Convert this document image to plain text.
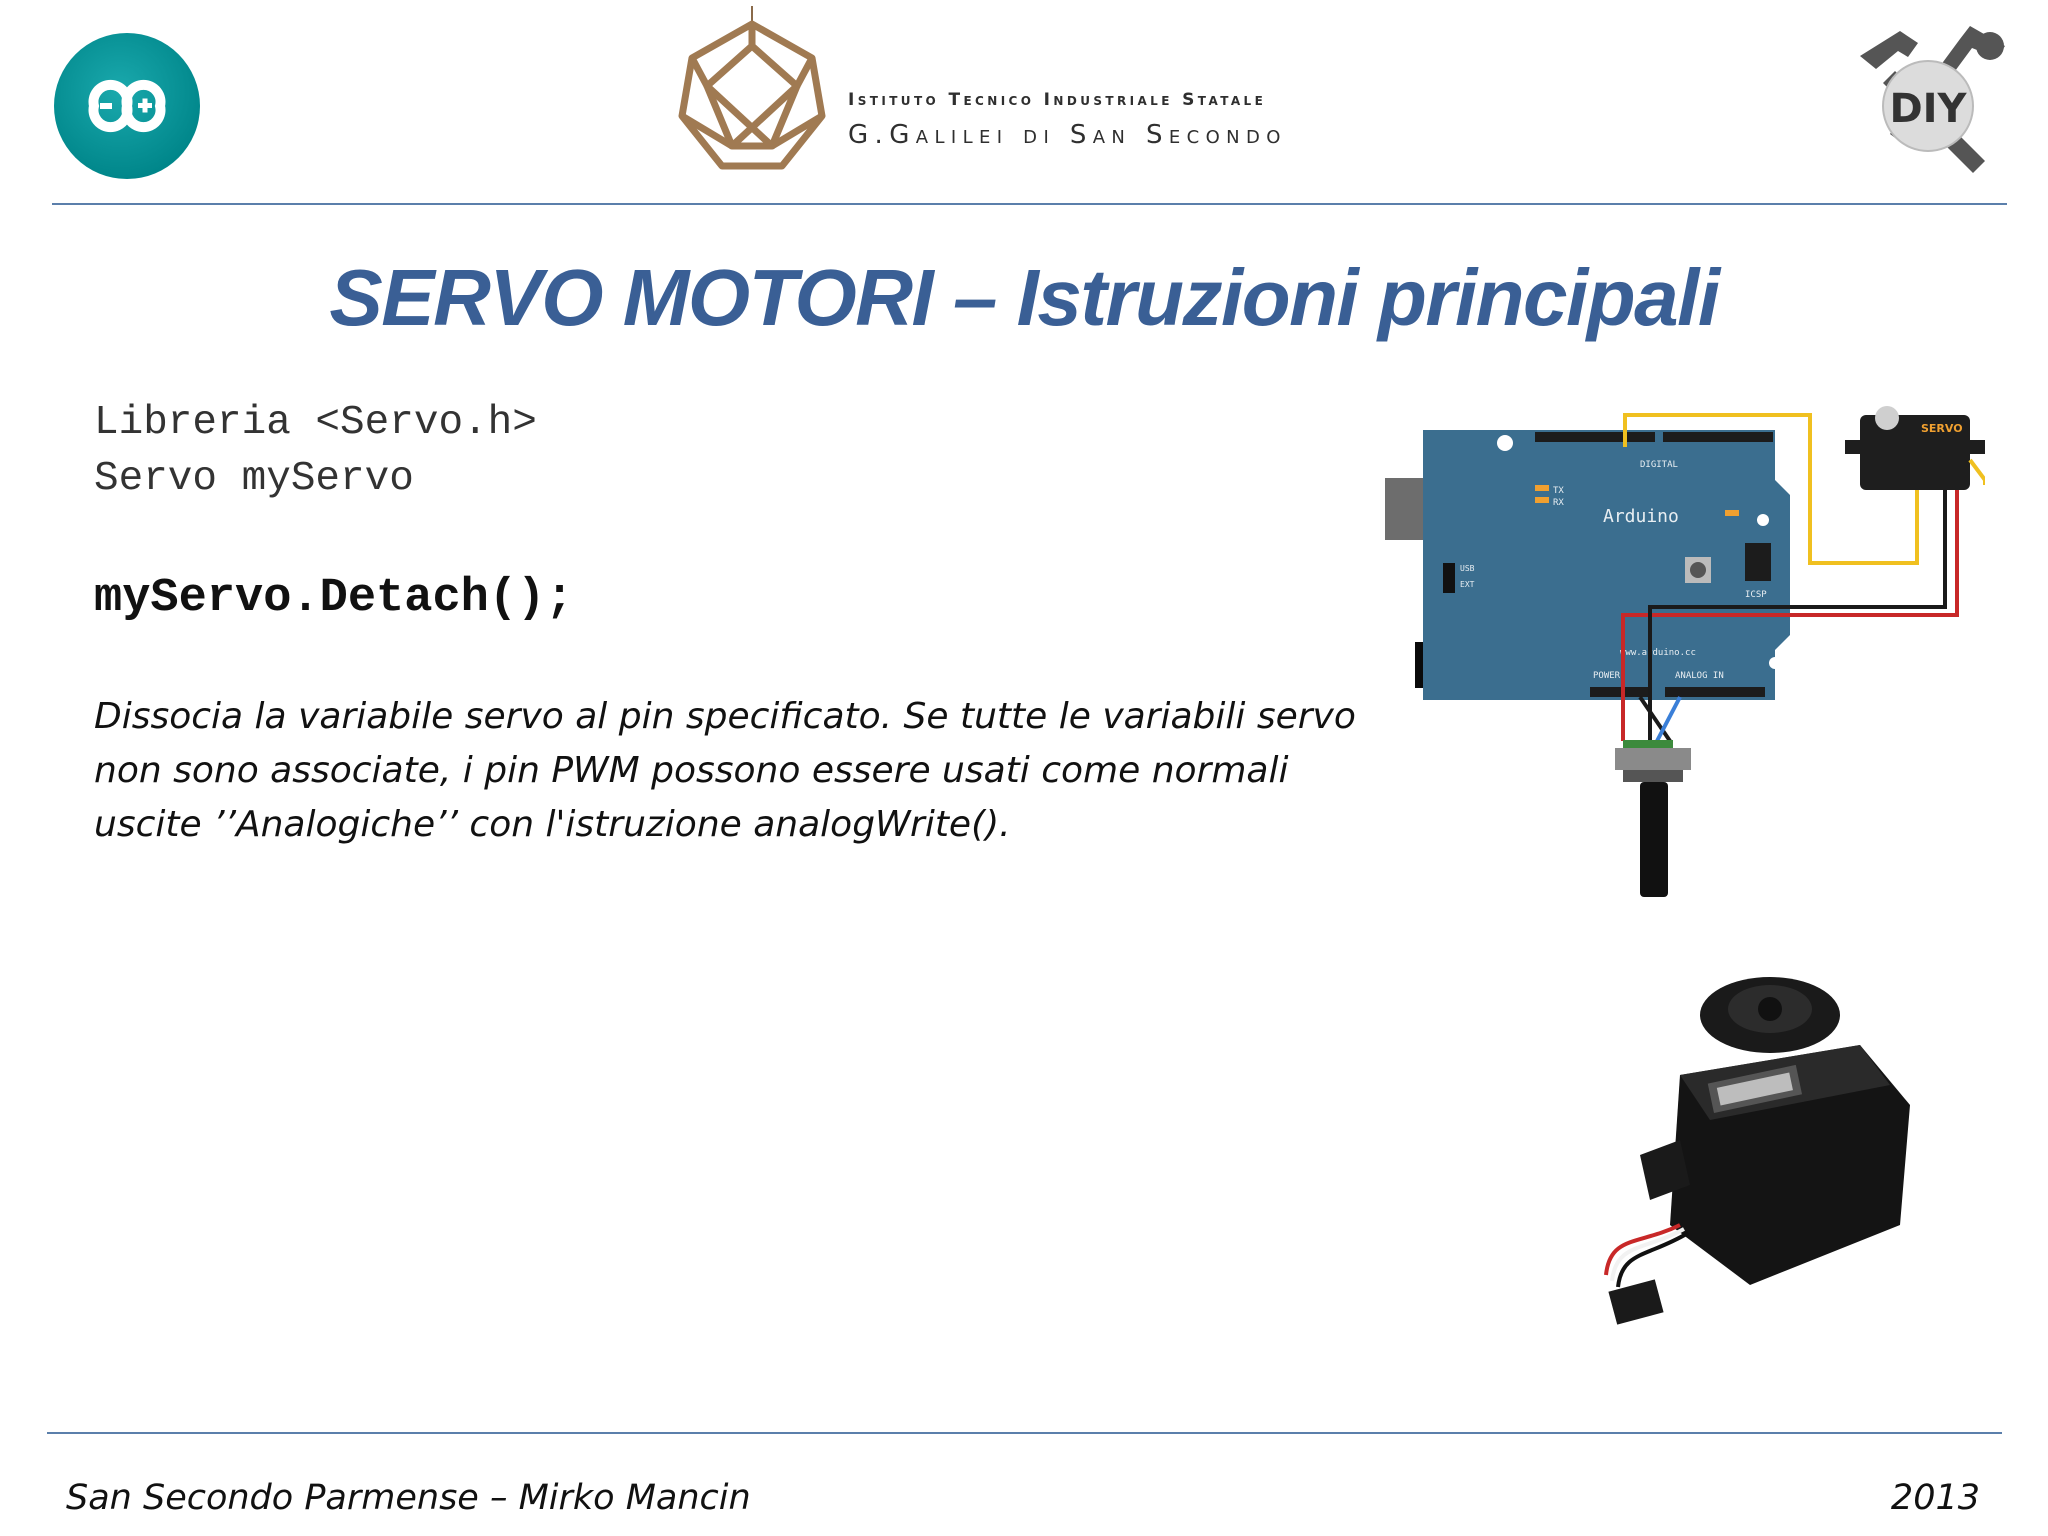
Istituto Tecnico Industriale Statale
G.Galilei di San Secondo
DIY
SERVO MOTORI – Istruzioni principali
Libreria <Servo.h>
Servo myServo
myServo.Detach();
Dissocia la variabile servo al pin specificato. Se tutte le variabili servo
non sono associate, i pin PWM possono essere usati come normali
uscite ’’Analogiche’’ con l'istruzione analogWrite().
Arduino
DIGITAL
ANALOG IN
POWER
ICSP
www.arduino.cc
TX
RX
USB
EXT
SERVO
San Secondo Parmense – Mirko Mancin	2013
